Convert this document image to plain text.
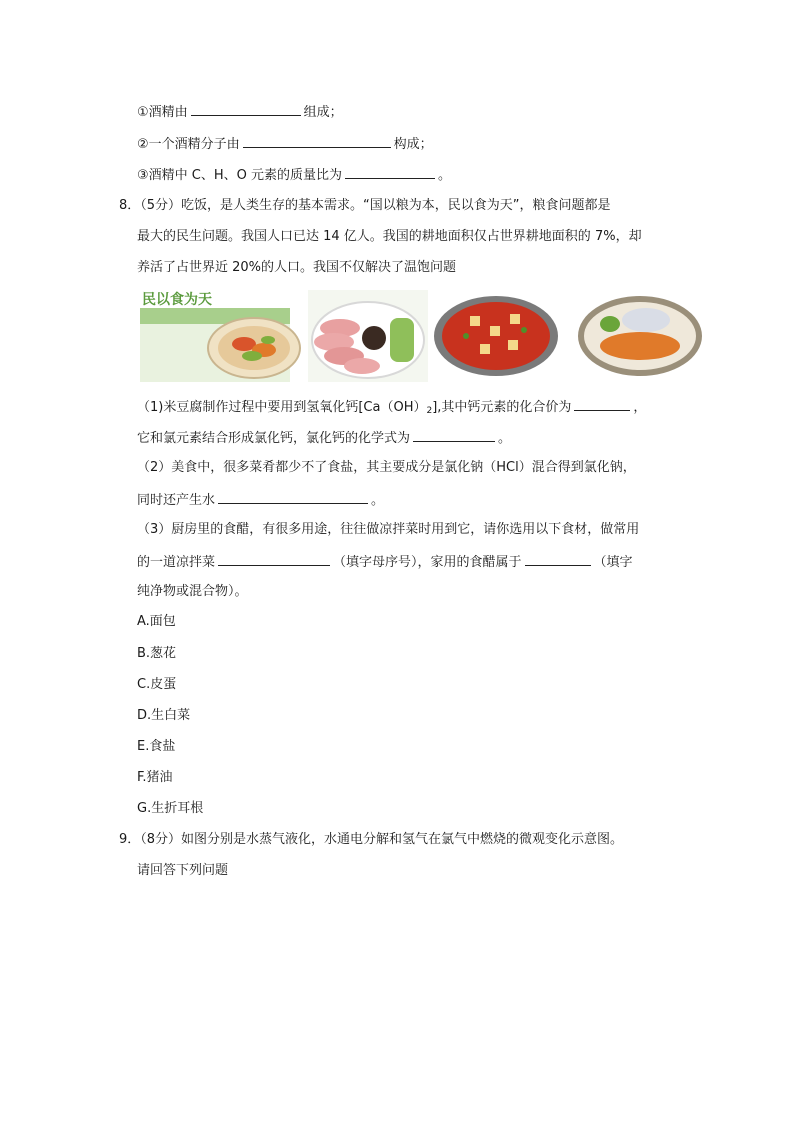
①酒精由	组成；
②一个酒精分子由	构成；
③酒精中 C、H、O 元素的质量比为	。
8．（5分）吃饭，是人类生存的基本需求。“国以粮为本，民以食为天”，粮食问题都是
最大的民生问题。我国人口已达 14 亿人。我国的耕地面积仅占世界耕地面积的 7%，却
养活了占世界近 20%的人口。我国不仅解决了温饱问题
民以食为天
（1)米豆腐制作过程中要用到氢氧化钙$[Ca(OH)_2]$,其中钙元素的化合价为	，
它和氯元素结合形成氯化钙，氯化钙的化学式为	。
（2）美食中，很多菜肴都少不了食盐，其主要成分是氯化钠（HCl）混合得到氯化钠，
同时还产生水	。
（3）厨房里的食醋，有很多用途，往往做凉拌菜时用到它，请你选用以下食材，做常用
的一道凉拌菜	（填字母序号），家用的食醋属于	（填字
纯净物或混合物）。
A.面包
B.葱花
C.皮蛋
D.生白菜
E.食盐
F.猪油
G.生折耳根
9．（8分）如图分别是水蒸气液化，水通电分解和氢气在氯气中燃烧的微观变化示意图。
请回答下列问题
